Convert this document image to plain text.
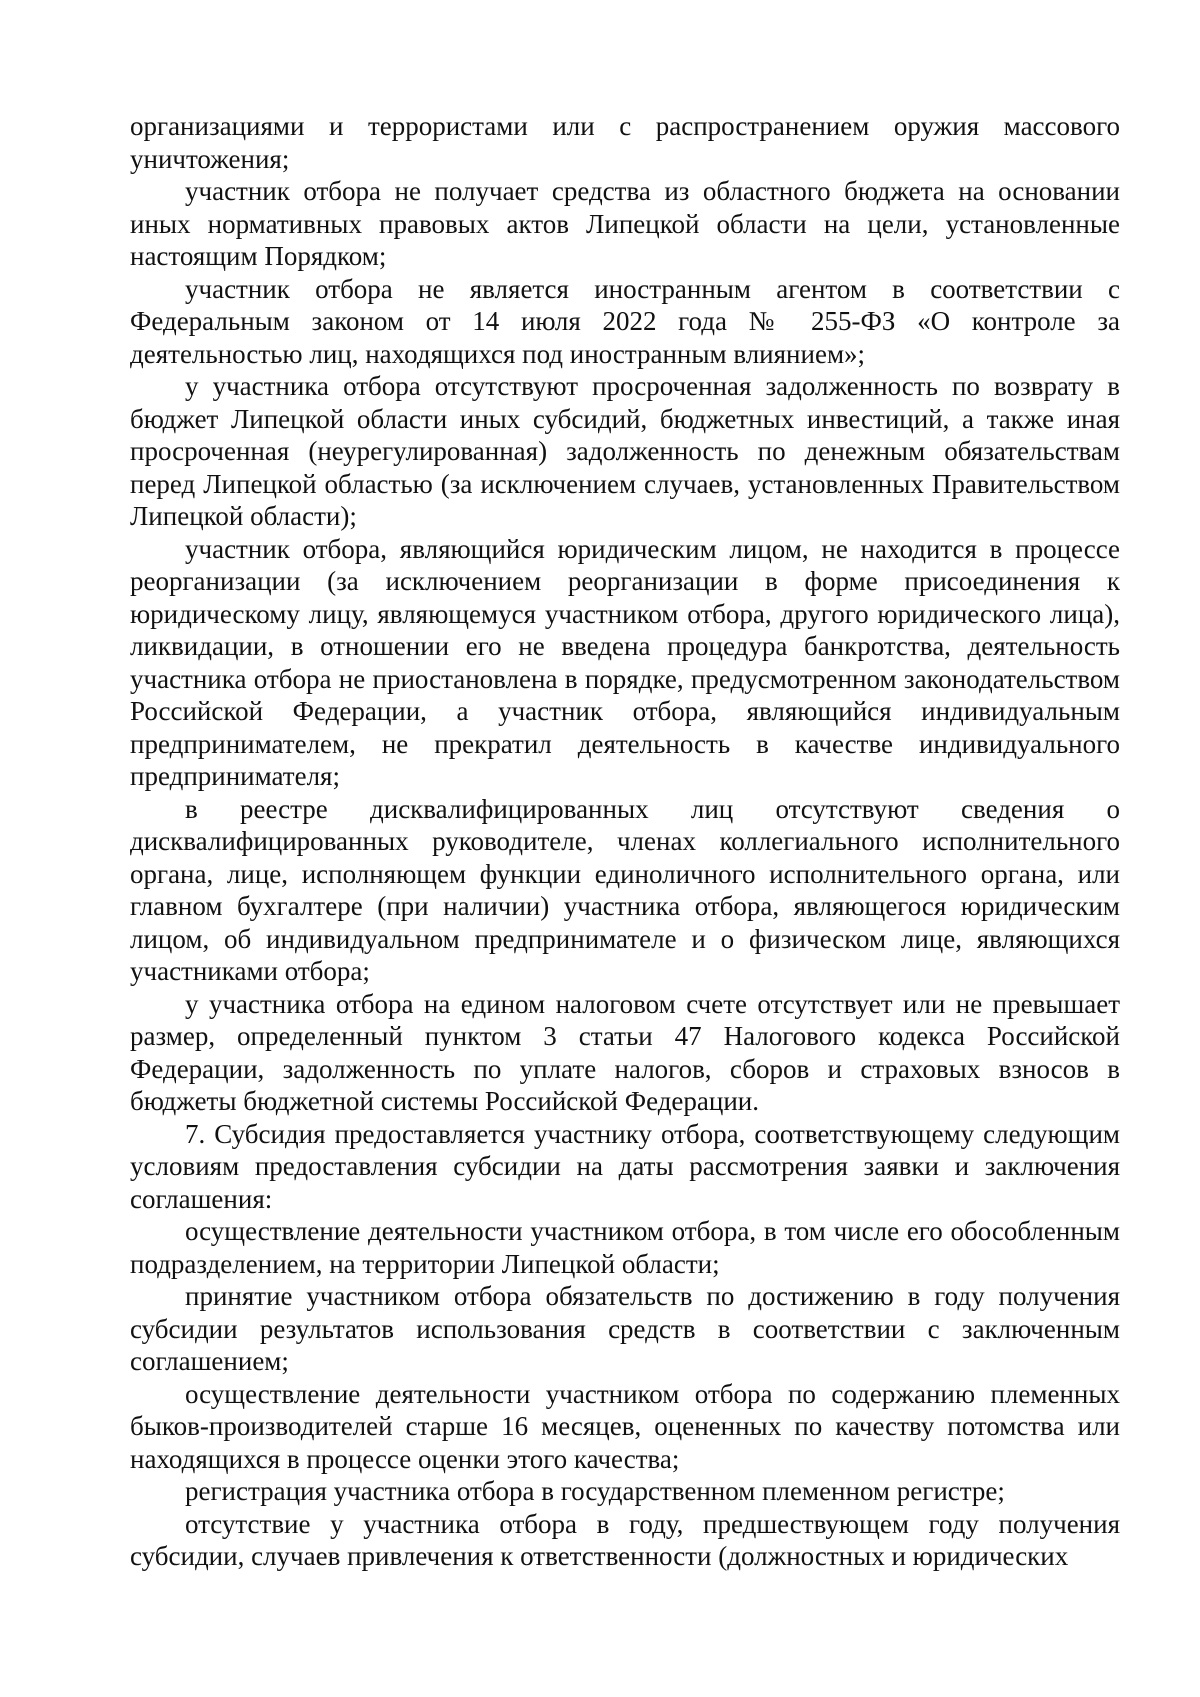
организациями и террористами или с распространением оружия массового уничтожения;

участник отбора не получает средства из областного бюджета на основании иных нормативных правовых актов Липецкой области на цели, установленные настоящим Порядком;

участник отбора не является иностранным агентом в соответствии с Федеральным законом от 14 июля 2022 года № 255-ФЗ «О контроле за деятельностью лиц, находящихся под иностранным влиянием»;

у участника отбора отсутствуют просроченная задолженность по возврату в бюджет Липецкой области иных субсидий, бюджетных инвестиций, а также иная просроченная (неурегулированная) задолженность по денежным обязательствам перед Липецкой областью (за исключением случаев, установленных Правительством Липецкой области);

участник отбора, являющийся юридическим лицом, не находится в процессе реорганизации (за исключением реорганизации в форме присоединения к юридическому лицу, являющемуся участником отбора, другого юридического лица), ликвидации, в отношении его не введена процедура банкротства, деятельность участника отбора не приостановлена в порядке, предусмотренном законодательством Российской Федерации, а участник отбора, являющийся индивидуальным предпринимателем, не прекратил деятельность в качестве индивидуального предпринимателя;

в реестре дисквалифицированных лиц отсутствуют сведения о дисквалифицированных руководителе, членах коллегиального исполнительного органа, лице, исполняющем функции единоличного исполнительного органа, или главном бухгалтере (при наличии) участника отбора, являющегося юридическим лицом, об индивидуальном предпринимателе и о физическом лице, являющихся участниками отбора;

у участника отбора на едином налоговом счете отсутствует или не превышает размер, определенный пунктом 3 статьи 47 Налогового кодекса Российской Федерации, задолженность по уплате налогов, сборов и страховых взносов в бюджеты бюджетной системы Российской Федерации.

7. Субсидия предоставляется участнику отбора, соответствующему следующим условиям предоставления субсидии на даты рассмотрения заявки и заключения соглашения:

осуществление деятельности участником отбора, в том числе его обособленным подразделением, на территории Липецкой области;

принятие участником отбора обязательств по достижению в году получения субсидии результатов использования средств в соответствии с заключенным соглашением;

осуществление деятельности участником отбора по содержанию племенных быков-производителей старше 16 месяцев, оцененных по качеству потомства или находящихся в процессе оценки этого качества;

регистрация участника отбора в государственном племенном регистре;

отсутствие у участника отбора в году, предшествующем году получения субсидии, случаев привлечения к ответственности (должностных и юридических
